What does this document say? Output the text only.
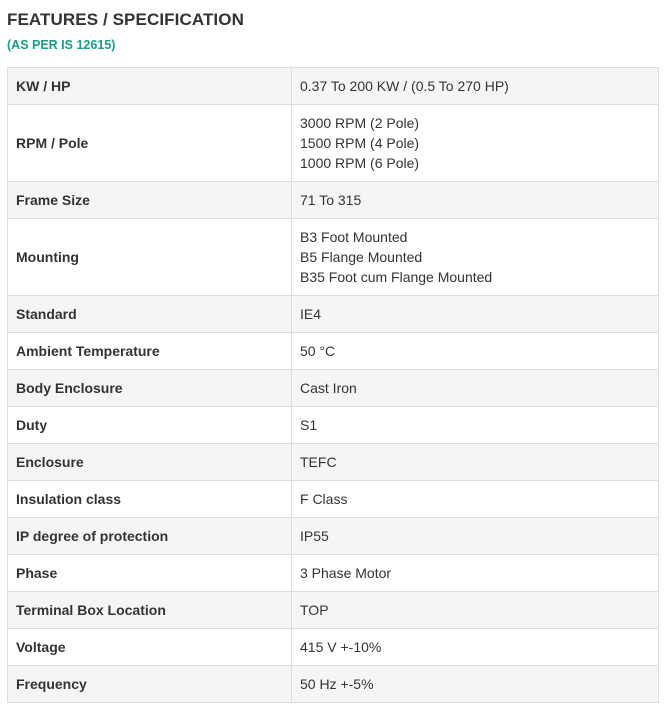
FEATURES / SPECIFICATION
(AS PER IS 12615)
KW / HP	0.37 To 200 KW / (0.5 To 270 HP)

RPM / Pole	3000 RPM (2 Pole)
1500 RPM (4 Pole)
1000 RPM (6 Pole)

Frame Size	71 To 315

Mounting	B3 Foot Mounted
B5 Flange Mounted
B35 Foot cum Flange Mounted

Standard	IE4

Ambient Temperature	50 °C

Body Enclosure	Cast Iron

Duty	S1

Enclosure	TEFC

Insulation class	F Class

IP degree of protection	IP55

Phase	3 Phase Motor

Terminal Box Location	TOP

Voltage	415 V +-10%

Frequency	50 Hz +-5%
